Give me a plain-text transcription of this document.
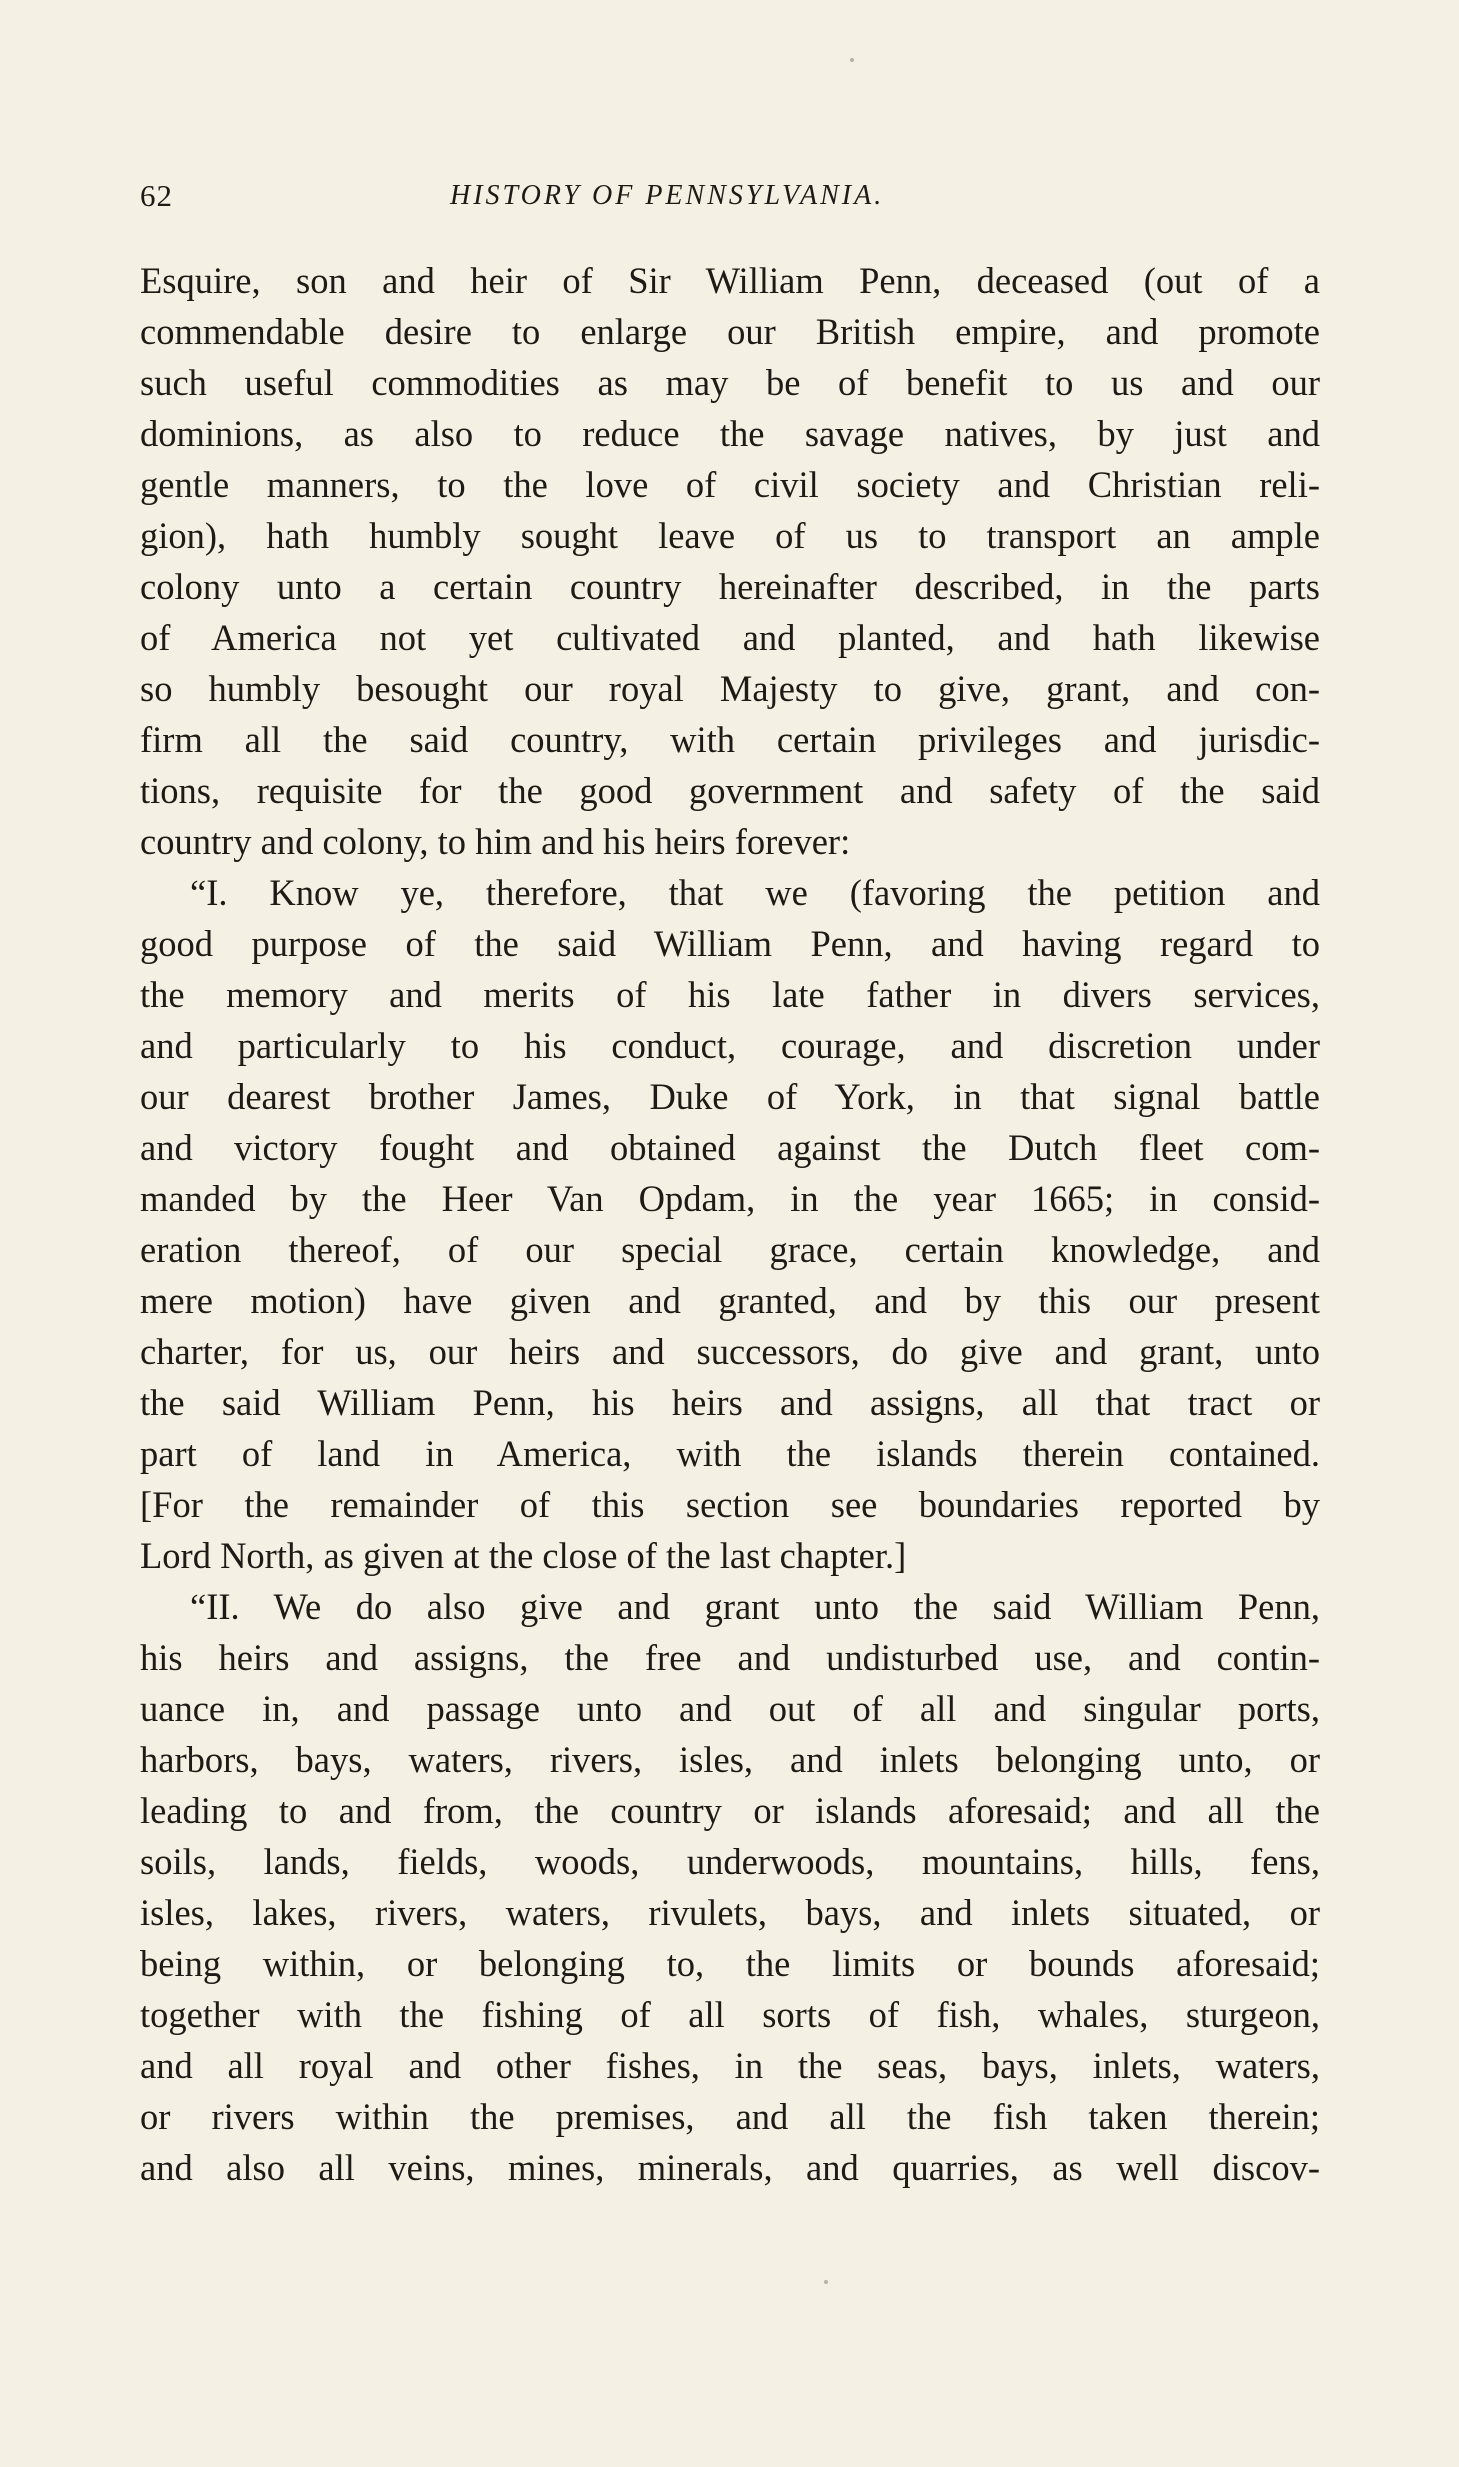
62	HISTORY OF PENNSYLVANIA.
Esquire, son and heir of Sir William Penn, deceased (out of a
commendable desire to enlarge our British empire, and promote
such useful commodities as may be of benefit to us and our
dominions, as also to reduce the savage natives, by just and
gentle manners, to the love of civil society and Christian reli-
gion), hath humbly sought leave of us to transport an ample
colony unto a certain country hereinafter described, in the parts
of America not yet cultivated and planted, and hath likewise
so humbly besought our royal Majesty to give, grant, and con-
firm all the said country, with certain privileges and jurisdic-
tions, requisite for the good government and safety of the said
country and colony, to him and his heirs forever:
“I. Know ye, therefore, that we (favoring the petition and
good purpose of the said William Penn, and having regard to
the memory and merits of his late father in divers services,
and particularly to his conduct, courage, and discretion under
our dearest brother James, Duke of York, in that signal battle
and victory fought and obtained against the Dutch fleet com-
manded by the Heer Van Opdam, in the year 1665; in consid-
eration thereof, of our special grace, certain knowledge, and
mere motion) have given and granted, and by this our present
charter, for us, our heirs and successors, do give and grant, unto
the said William Penn, his heirs and assigns, all that tract or
part of land in America, with the islands therein contained.
[For the remainder of this section see boundaries reported by
Lord North, as given at the close of the last chapter.]
“II. We do also give and grant unto the said William Penn,
his heirs and assigns, the free and undisturbed use, and contin-
uance in, and passage unto and out of all and singular ports,
harbors, bays, waters, rivers, isles, and inlets belonging unto, or
leading to and from, the country or islands aforesaid; and all the
soils, lands, fields, woods, underwoods, mountains, hills, fens,
isles, lakes, rivers, waters, rivulets, bays, and inlets situated, or
being within, or belonging to, the limits or bounds aforesaid;
together with the fishing of all sorts of fish, whales, sturgeon,
and all royal and other fishes, in the seas, bays, inlets, waters,
or rivers within the premises, and all the fish taken therein;
and also all veins, mines, minerals, and quarries, as well discov-
